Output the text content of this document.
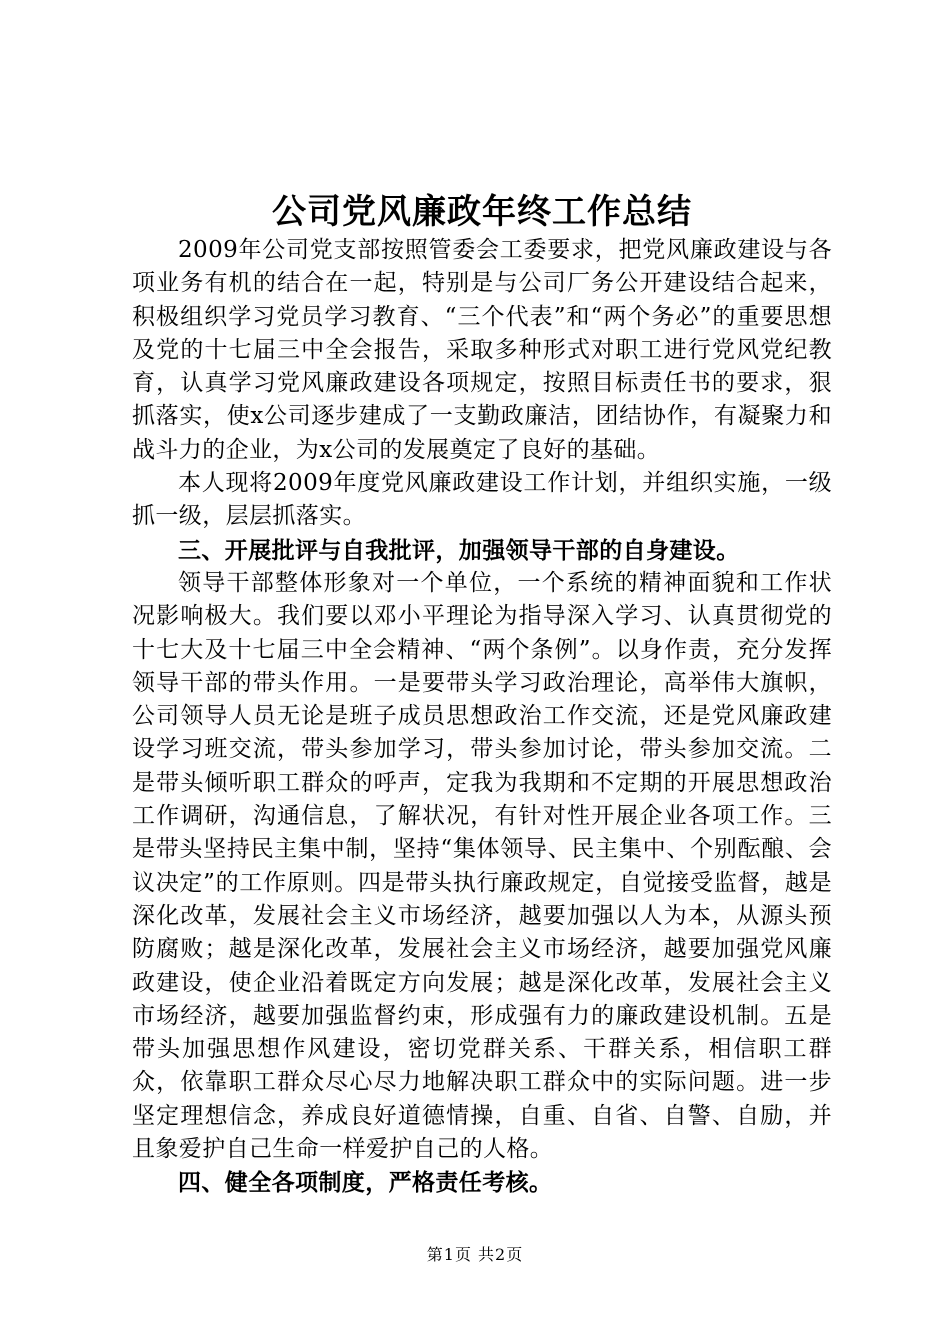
公司党风廉政年终工作总结

2009年公司党支部按照管委会工委要求，把党风廉政建设与各项业务有机的结合在一起，特别是与公司厂务公开建设结合起来，积极组织学习党员学习教育、“三个代表”和“两个务必”的重要思想及党的十七届三中全会报告，采取多种形式对职工进行党风党纪教育，认真学习党风廉政建设各项规定，按照目标责任书的要求，狠抓落实，使x公司逐步建成了一支勤政廉洁，团结协作，有凝聚力和战斗力的企业，为x公司的发展奠定了良好的基础。

本人现将2009年度党风廉政建设工作计划，并组织实施，一级抓一级，层层抓落实。

三、开展批评与自我批评，加强领导干部的自身建设。

领导干部整体形象对一个单位，一个系统的精神面貌和工作状况影响极大。我们要以邓小平理论为指导深入学习、认真贯彻党的十七大及十七届三中全会精神、“两个条例”。以身作责，充分发挥领导干部的带头作用。一是要带头学习政治理论，高举伟大旗帜，公司领导人员无论是班子成员思想政治工作交流，还是党风廉政建设学习班交流，带头参加学习，带头参加讨论，带头参加交流。二是带头倾听职工群众的呼声，定我为我期和不定期的开展思想政治工作调研，沟通信息，了解状况，有针对性开展企业各项工作。三是带头坚持民主集中制，坚持“集体领导、民主集中、个别酝酿、会议决定”的工作原则。四是带头执行廉政规定，自觉接受监督，越是深化改革，发展社会主义市场经济，越要加强以人为本，从源头预防腐败；越是深化改革，发展社会主义市场经济，越要加强党风廉政建设，使企业沿着既定方向发展；越是深化改革，发展社会主义市场经济，越要加强监督约束，形成强有力的廉政建设机制。五是带头加强思想作风建设，密切党群关系、干群关系，相信职工群众，依靠职工群众尽心尽力地解决职工群众中的实际问题。进一步坚定理想信念，养成良好道德情操，自重、自省、自警、自励，并且象爱护自己生命一样爱护自己的人格。

四、健全各项制度，严格责任考核。

第1页 共2页
